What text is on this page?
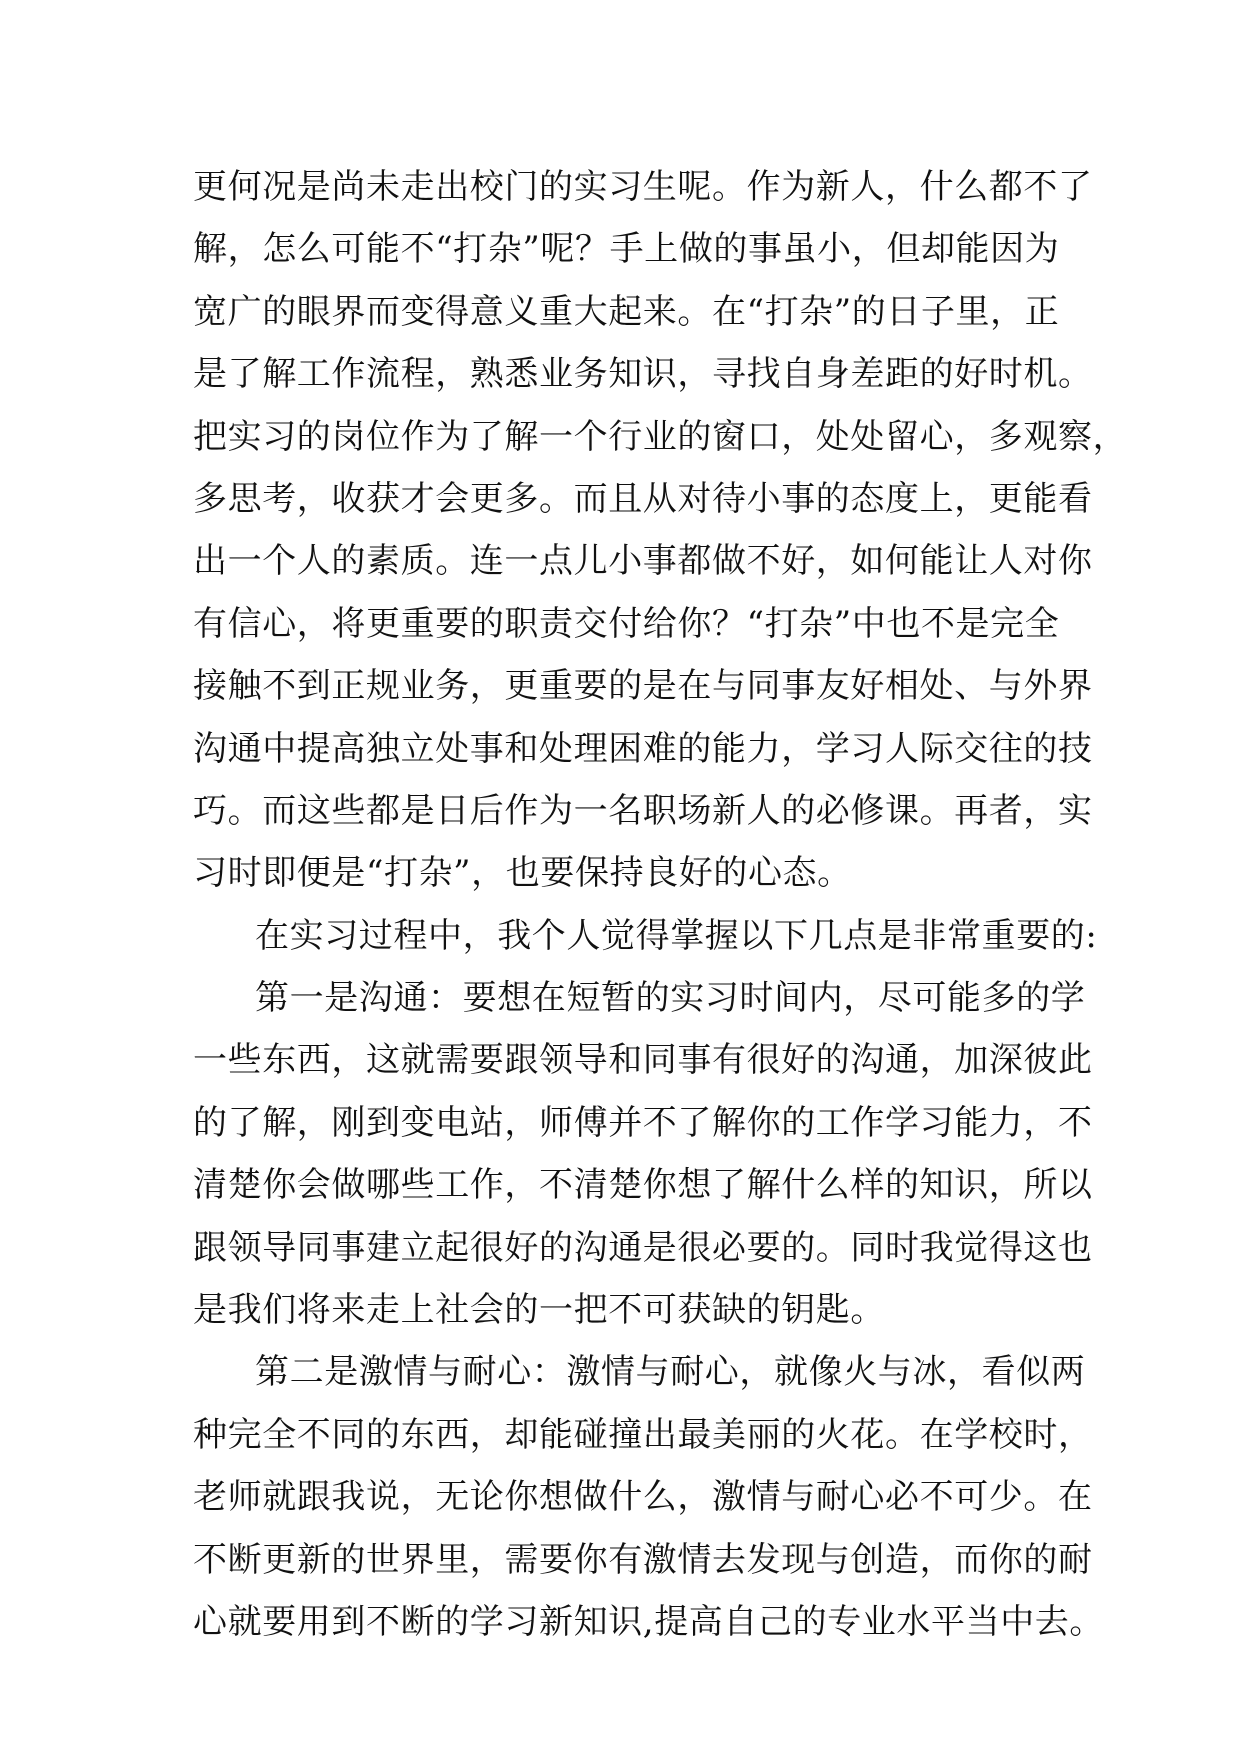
更何况是尚未走出校门的实习生呢。作为新人，什么都不了
解，怎么可能不“打杂”呢？手上做的事虽小，但却能因为
宽广的眼界而变得意义重大起来。在“打杂”的日子里，正
是了解工作流程，熟悉业务知识，寻找自身差距的好时机。
把实习的岗位作为了解一个行业的窗口，处处留心，多观察，
多思考，收获才会更多。而且从对待小事的态度上，更能看
出一个人的素质。连一点儿小事都做不好，如何能让人对你
有信心，将更重要的职责交付给你？“打杂”中也不是完全
接触不到正规业务，更重要的是在与同事友好相处、与外界
沟通中提高独立处事和处理困难的能力，学习人际交往的技
巧。而这些都是日后作为一名职场新人的必修课。再者，实
习时即便是“打杂”，也要保持良好的心态。
在实习过程中，我个人觉得掌握以下几点是非常重要的:
第一是沟通：要想在短暂的实习时间内，尽可能多的学
一些东西，这就需要跟领导和同事有很好的沟通，加深彼此
的了解，刚到变电站，师傅并不了解你的工作学习能力，不
清楚你会做哪些工作，不清楚你想了解什么样的知识，所以
跟领导同事建立起很好的沟通是很必要的。同时我觉得这也
是我们将来走上社会的一把不可获缺的钥匙。
第二是激情与耐心：激情与耐心，就像火与冰，看似两
种完全不同的东西，却能碰撞出最美丽的火花。在学校时，
老师就跟我说，无论你想做什么，激情与耐心必不可少。在
不断更新的世界里，需要你有激情去发现与创造，而你的耐
心就要用到不断的学习新知识,提高自己的专业水平当中去。
